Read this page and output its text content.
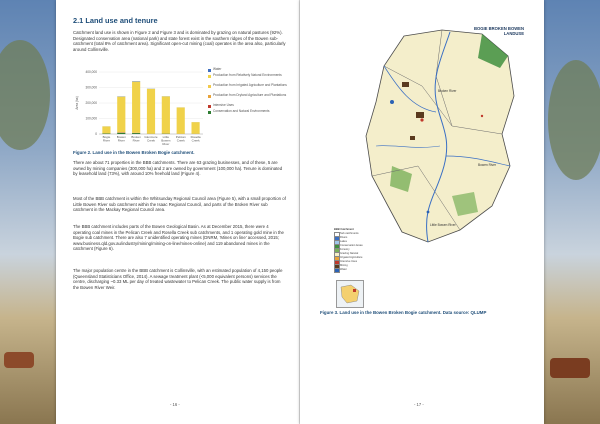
2.1 Land use and tenure
Catchment land use is shown in Figure 2 and Figure 3 and is dominated by grazing on natural pastures (92%). Designated conservation area (national park) and state forest exist in the southern ridges of the Bowen sub-catchment (total 8% of catchment area). Significant open-cut mining (coal) operates in the area also, particularly around Collinsville.
400,000
300,000
200,000
100,000
0
Area (ha)
Bogie
River
Bowen
River
Broken
River
Glenmore
Creek
Little
Bowen
River
Pelican
Creek
Rosella
Creek
Water
Production from Relatively Natural Environments
Production from Irrigated Agriculture and Plantations
Production from Dryland Agriculture and Plantations
Intensive Uses
Conservation and Natural Environments
Figure 2. Land use in the Bowen Broken Bogie catchment.
There are about 71 properties in the BBB catchments. There are 63 grazing businesses, and of these, 5 are owned by mining companies (300,000 ha) and 2 are owned by government (100,000 ha). Tenure is dominated by leasehold land (73%), with around 10% freehold land (Figure 4).
Most of the BBB catchment is within the Whitsunday Regional Council area (Figure 5), with a small proportion of Little Bowen River sub catchment within the Isaac Regional Council, and parts of the Broken River sub catchment in the Mackay Regional Council area.
The BBB catchment includes parts of the Bowen Geological Basin. As at December 2015, there were 4 operating coal mines in the Pelican Creek and Rosella Creek sub catchments, and 1 operating gold mine in the Bogie sub catchment. There are also 7 unidentified operating mines (DNRM, 'Mines on line' accessed, 2015; www.business.qld.gov.au/industry/mining/mining-on-line/mines-online) and 119 abandoned mines in the catchment (Figure 6).
The major population centre in the BBB catchment is Collinsville, with an estimated population of 4,150 people (Queensland Statisticians Office, 2014). A sewage treatment plant (<5,000 equivalent persons) services the centre, discharging ~0.33 ML per day of treated wastewater to Pelican Creek. The public water supply is from the Bowen River Weir.
- 16 -
Bowen River
Broken River
Little Bowen River
BOGIE BROKEN BOWEN
LANDUSE
BBB Catchment
Sub catchments
Rivers
Lakes
Conservation Areas
Forestry
Grazing Natural
Irrigated Agriculture
Intensive Uses
Mining
Water
Figure 3. Land use in the Bowen Broken Bogie catchment. Data source: QLUMP
- 17 -
